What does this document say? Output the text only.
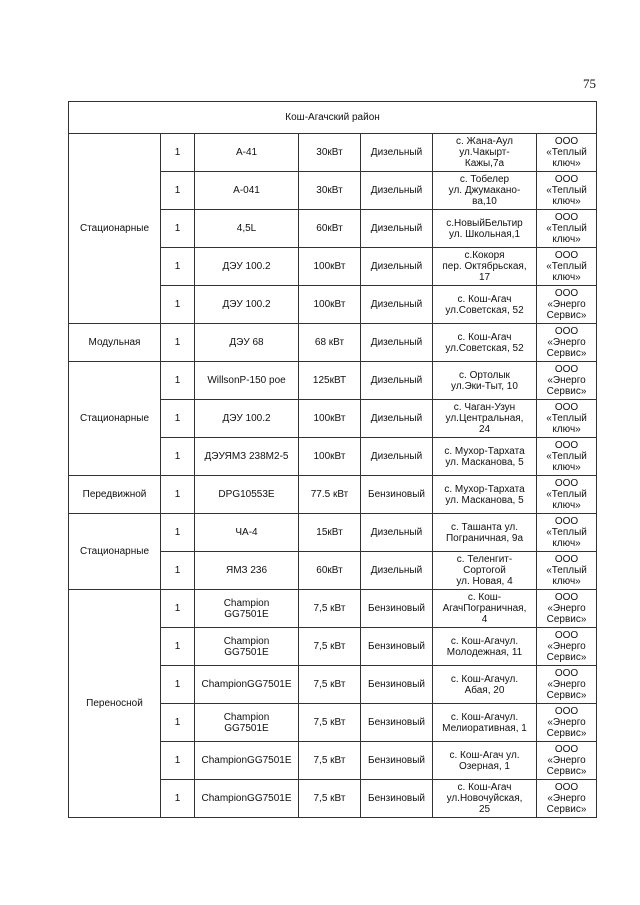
75
Кош-Агачский район						
Стационарные	1	А-41	30кВт	Дизельный	с. Жана-Аул
ул.Чакырт-
Кажы,7а	ООО
«Теплый
ключ»

	1	А-041	30кВт	Дизельный	с. Тобелер
ул. Джумакано-
ва,10	ООО
«Теплый
ключ»

	1	4,5L	60кВт	Дизельный	с.НовыйБельтир
ул. Школьная,1	ООО
«Теплый
ключ»

	1	ДЭУ 100.2	100кВт	Дизельный	с.Кокоря
пер. Октябрьская,
17	ООО
«Теплый
ключ»

	1	ДЭУ 100.2	100кВт	Дизельный	с. Кош-Агач
ул.Советская, 52	ООО
«Энерго
Сервис»

Модульная	1	ДЭУ 68	68 кВт	Дизельный	с. Кош-Агач
ул.Советская, 52	ООО
«Энерго
Сервис»

Стационарные	1	WillsonP-150 рое	125кВТ	Дизельный	с. Ортолык
ул.Эки-Тыт, 10	ООО
«Энерго
Сервис»

	1	ДЭУ 100.2	100кВт	Дизельный	с. Чаган-Узун
ул.Центральная,
24	ООО
«Теплый
ключ»

	1	ДЭУЯМЗ 238М2-5	100кВт	Дизельный	с. Мухор-Тархата
ул. Масканова, 5	ООО
«Теплый
ключ»

Передвижной	1	DPG10553E	77.5 кВт	Бензиновый	с. Мухор-Тархата
ул. Масканова, 5	ООО
«Теплый
ключ»

Стационарные	1	ЧА-4	15кВт	Дизельный	с. Ташанта ул.
Пограничная, 9а	ООО
«Теплый
ключ»

	1	ЯМЗ 236	60кВт	Дизельный	с. Теленгит-
Сортогой
ул. Новая, 4	ООО
«Теплый
ключ»

Переносной	1	Champion
GG7501E	7,5 кВт	Бензиновый	с. Кош-
АгачПограничная,
4	ООО
«Энерго
Сервис»

	1	Champion
GG7501E	7,5 кВт	Бензиновый	с. Кош-Агачул.
Молодежная, 11	ООО
«Энерго
Сервис»

	1	ChampionGG7501E	7,5 кВт	Бензиновый	с. Кош-Агачул.
Абая, 20	ООО
«Энерго
Сервис»

	1	Champion
GG7501E	7,5 кВт	Бензиновый	с. Кош-Агачул.
Мелиоративная, 1	ООО
«Энерго
Сервис»

	1	ChampionGG7501E	7,5 кВт	Бензиновый	с. Кош-Агач ул.
Озерная, 1	ООО
«Энерго
Сервис»

	1	ChampionGG7501E	7,5 кВт	Бензиновый	с. Кош-Агач
ул.Новочуйская,
25	ООО
«Энерго
Сервис»
